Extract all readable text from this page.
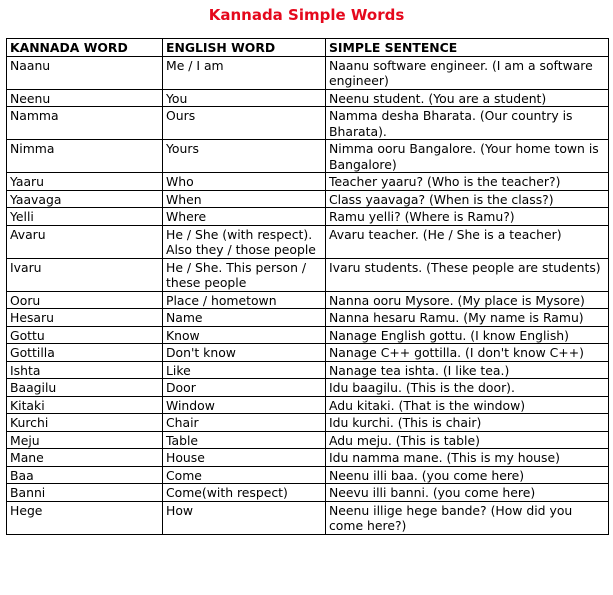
Kannada Simple Words
KANNADA WORD	ENGLISH WORD	SIMPLE SENTENCE
Naanu	Me / I am	Naanu software engineer. (I am a software engineer)
Neenu	You	Neenu student. (You are a student)
Namma	Ours	Namma desha Bharata. (Our country is Bharata).
Nimma	Yours	Nimma ooru Bangalore. (Your home town is Bangalore)
Yaaru	Who	Teacher yaaru? (Who is the teacher?)
Yaavaga	When	Class yaavaga? (When is the class?)
Yelli	Where	Ramu yelli? (Where is Ramu?)
Avaru	He / She (with respect). Also they / those people	Avaru teacher. (He / She is a teacher)
Ivaru	He / She. This person / these people	Ivaru students. (These people are students)
Ooru	Place / hometown	Nanna ooru Mysore. (My place is Mysore)
Hesaru	Name	Nanna hesaru Ramu. (My name is Ramu)
Gottu	Know	Nanage English gottu. (I know English)
Gottilla	Don't know	Nanage C++ gottilla. (I don't know C++)
Ishta	Like	Nanage tea ishta. (I like tea.)
Baagilu	Door	Idu baagilu. (This is the door).
Kitaki	Window	Adu kitaki. (That is the window)
Kurchi	Chair	Idu kurchi. (This is chair)
Meju	Table	Adu meju. (This is table)
Mane	House	Idu namma mane. (This is my house)
Baa	Come	Neenu illi baa. (you come here)
Banni	Come(with respect)	Neevu illi banni. (you come here)
Hege	How	Neenu illige hege bande? (How did you come here?)
